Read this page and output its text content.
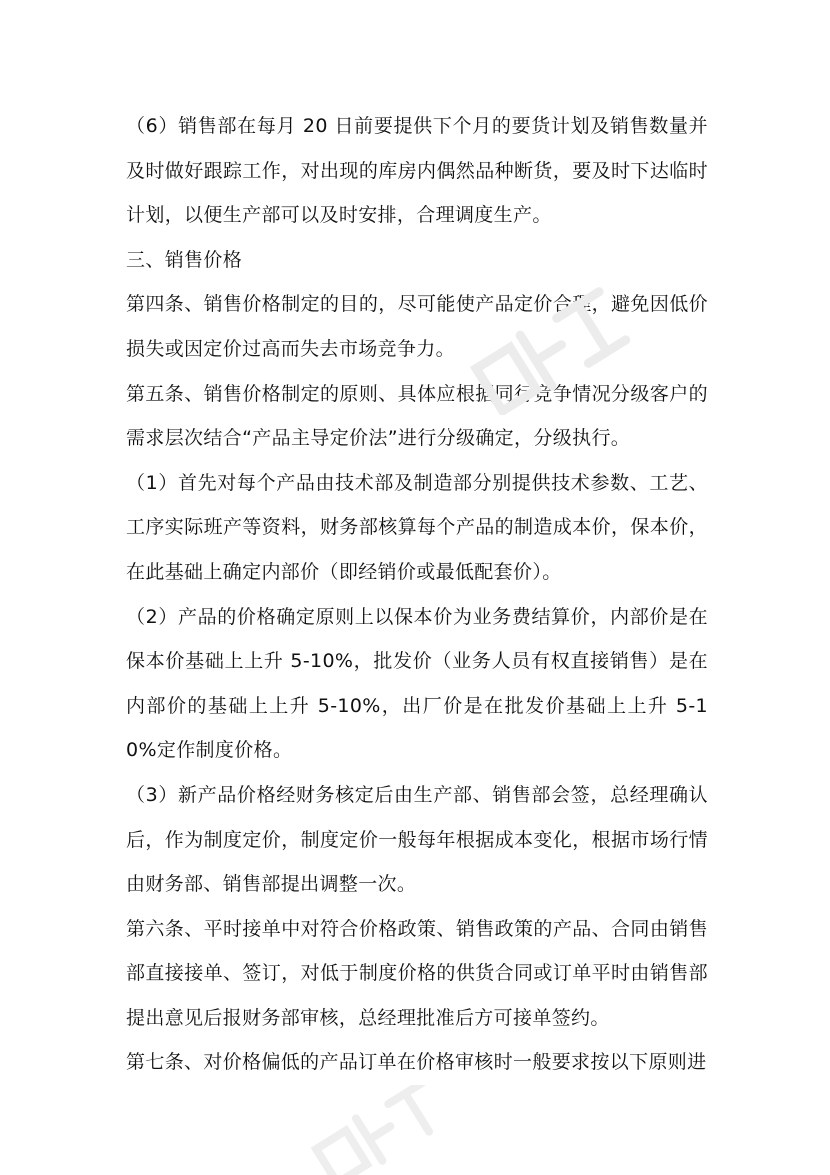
（6）销售部在每月 20 日前要提供下个月的要货计划及销售数量并及时做好跟踪工作，对出现的库房内偶然品种断货，要及时下达临时计划，以便生产部可以及时安排，合理调度生产。

三、销售价格

第四条、销售价格制定的目的，尽可能使产品定价合理，避免因低价损失或因定价过高而失去市场竞争力。

第五条、销售价格制定的原则、具体应根据同行竞争情况分级客户的需求层次结合“产品主导定价法”进行分级确定，分级执行。

（1）首先对每个产品由技术部及制造部分别提供技术参数、工艺、工序实际班产等资料，财务部核算每个产品的制造成本价，保本价，在此基础上确定内部价（即经销价或最低配套价）。

（2）产品的价格确定原则上以保本价为业务费结算价，内部价是在保本价基础上上升 5-10%，批发价（业务人员有权直接销售）是在内部价的基础上上升 5-10%，出厂价是在批发价基础上上升 5-10%定作制度价格。

（3）新产品价格经财务核定后由生产部、销售部会签，总经理确认后，作为制度定价，制度定价一般每年根据成本变化，根据市场行情由财务部、销售部提出调整一次。

第六条、平时接单中对符合价格政策、销售政策的产品、合同由销售部直接接单、签订，对低于制度价格的供货合同或订单平时由销售部提出意见后报财务部审核，总经理批准后方可接单签约。

第七条、对价格偏低的产品订单在价格审核时一般要求按以下原则进
